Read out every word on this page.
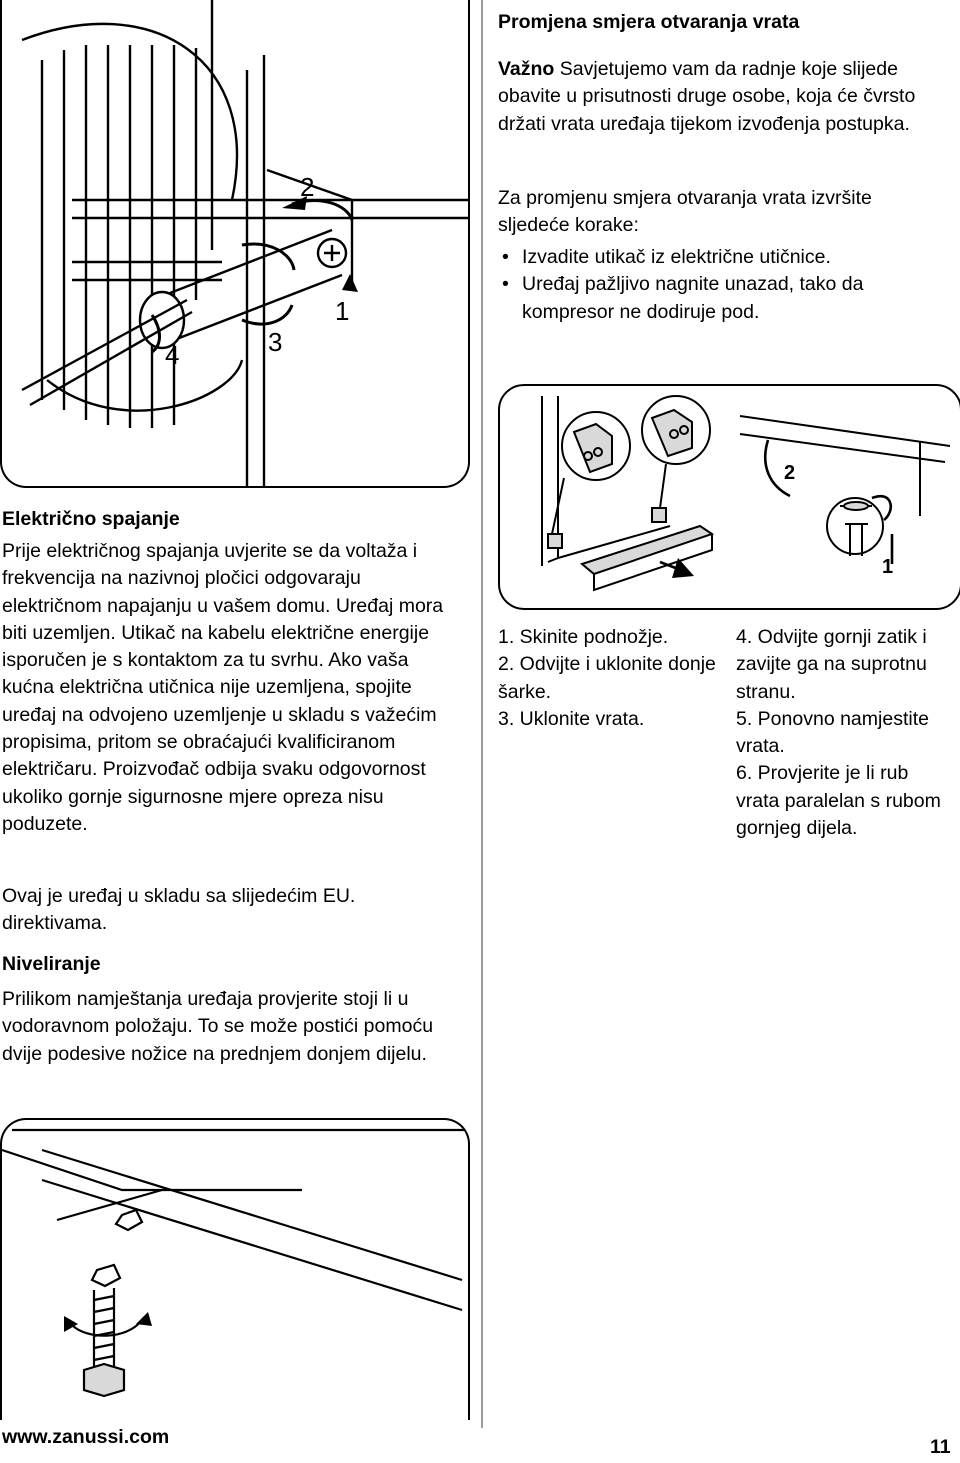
2
4	3
1
Promjena smjera otvaranja vrata
Važno Savjetujemo vam da radnje koje slijede obavite u prisutnosti druge osobe, koja će čvrsto držati vrata uređaja tijekom izvođenja postupka.
Za promjenu smjera otvaranja vrata izvršite sljedeće korake:
• Izvadite utikač iz električne utičnice.
• Uređaj pažljivo nagnite unazad, tako da kompresor ne dodiruje pod.
2
1
1. Skinite podnožje.
2. Odvijte i uklonite donje šarke.
3. Uklonite vrata.
4. Odvijte gornji zatik i zavijte ga na suprotnu stranu.
5. Ponovno namjestite vrata.
6. Provjerite je li rub vrata paralelan s rubom gornjeg dijela.
Električno spajanje
Prije električnog spajanja uvjerite se da voltaža i frekvencija na nazivnoj pločici odgovaraju električnom napajanju u vašem domu. Uređaj mora biti uzemljen. Utikač na kabelu električne energije isporučen je s kontaktom za tu svrhu. Ako vaša kućna električna utičnica nije uzemljena, spojite uređaj na odvojeno uzemljenje u skladu s važećim propisima, pritom se obraćajući kvalificiranom električaru. Proizvođač odbija svaku odgovornost ukoliko gornje sigurnosne mjere opreza nisu poduzete.
Ovaj je uređaj u skladu sa slijedećim EU. direktivama.
Niveliranje
Prilikom namještanja uređaja provjerite stoji li u vodoravnom položaju. To se može postići pomoću dvije podesive nožice na prednjem donjem dijelu.
www.zanussi.com	11
